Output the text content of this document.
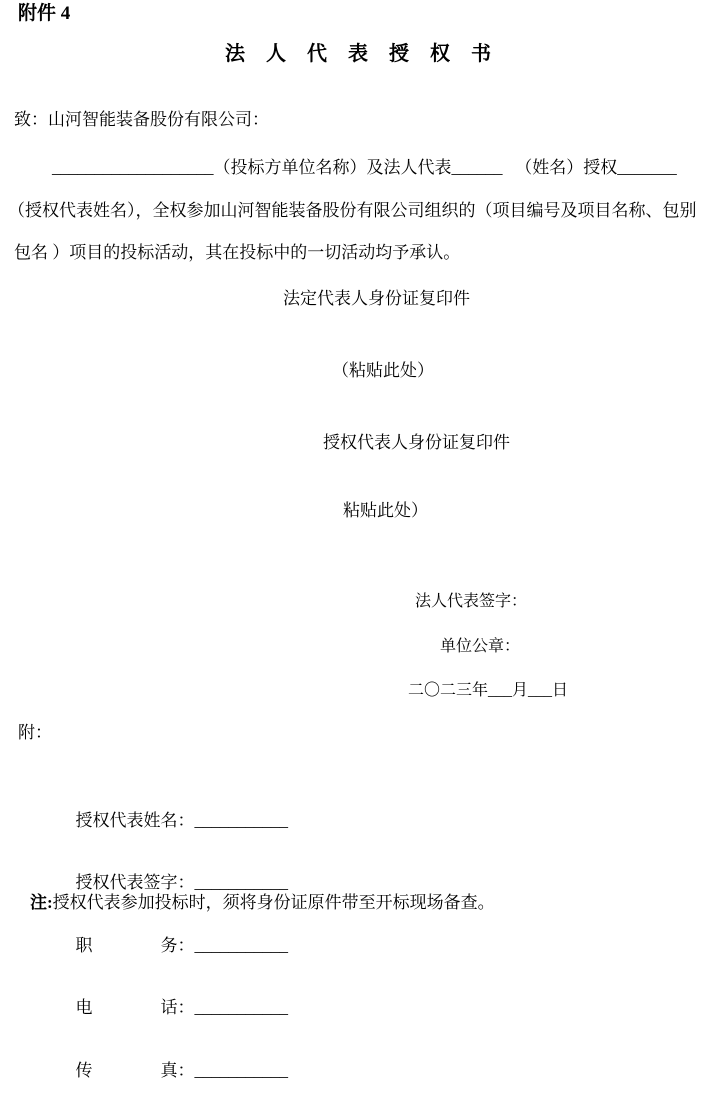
附件 4
法 人 代 表 授 权 书
致：山河智能装备股份有限公司：
___________________（投标方单位名称）及法人代表______   （姓名）授权_______
（授权代表姓名），全权参加山河智能装备股份有限公司组织的（项目编号及项目名称、包别
包名 ）项目的投标活动，其在投标中的一切活动均予承认。
法定代表人身份证复印件
（粘贴此处）
授权代表人身份证复印件
粘贴此处）
法人代表签字：
单位公章：
二〇二三年___月___日
附：

授权代表姓名： ___________

授权代表签字： ___________

职	务： ___________

电	话： ___________

传	真： ___________

注:授权代表参加投标时，须将身份证原件带至开标现场备查。
